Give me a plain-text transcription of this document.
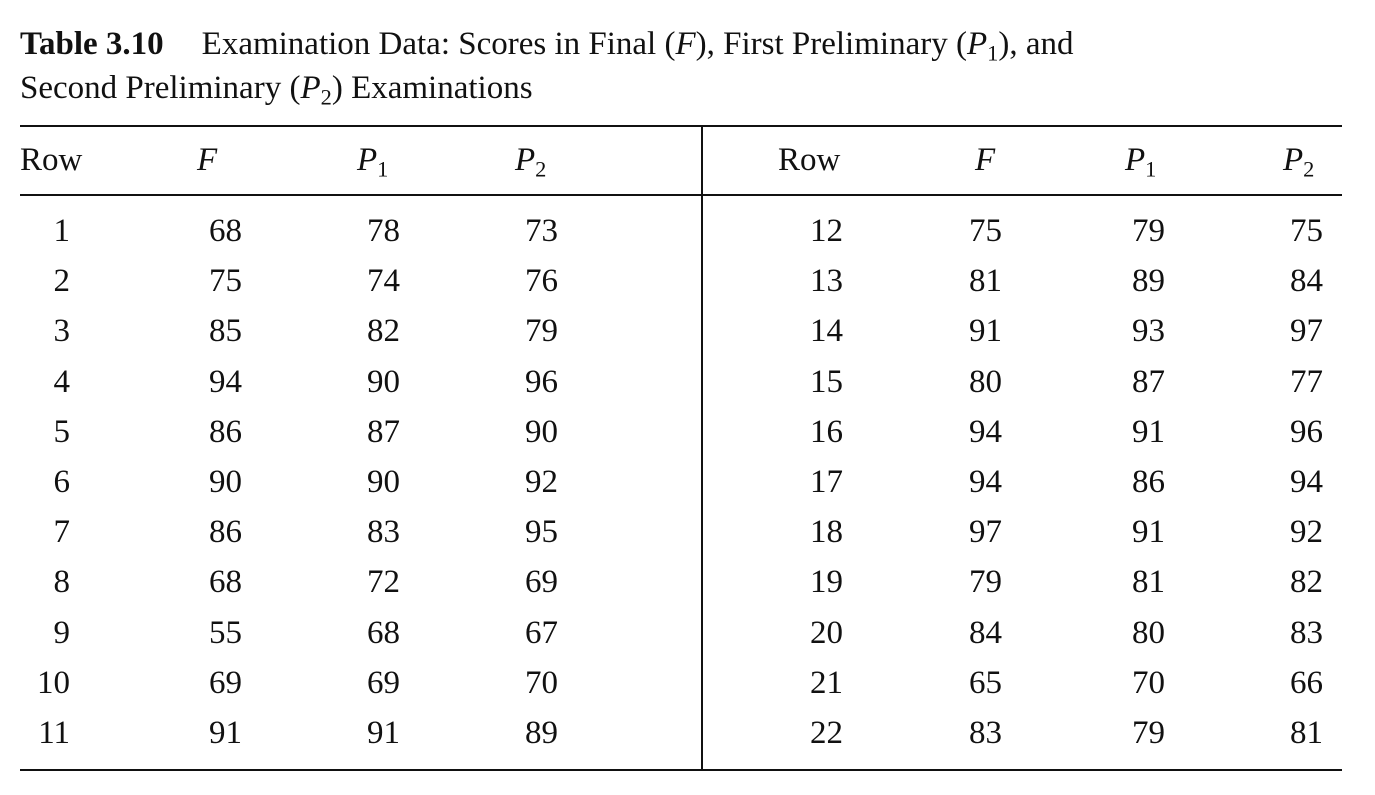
Table 3.10 Examination Data: Scores in Final (F), First Preliminary $(P_1)$, and
Second Preliminary $(P_2)$ Examinations
Row	F	$P_1$	$P_2$	Row	F	$P_1$	$P_2$
1	68	78	73
2	75	74	76
3	85	82	79
4	94	90	96
5	86	87	90
6	90	90	92
7	86	83	95
8	68	72	69
9	55	68	67
10	69	69	70
11	91	91	89
12	75	79	75
13	81	89	84
14	91	93	97
15	80	87	77
16	94	91	96
17	94	86	94
18	97	91	92
19	79	81	82
20	84	80	83
21	65	70	66
22	83	79	81
